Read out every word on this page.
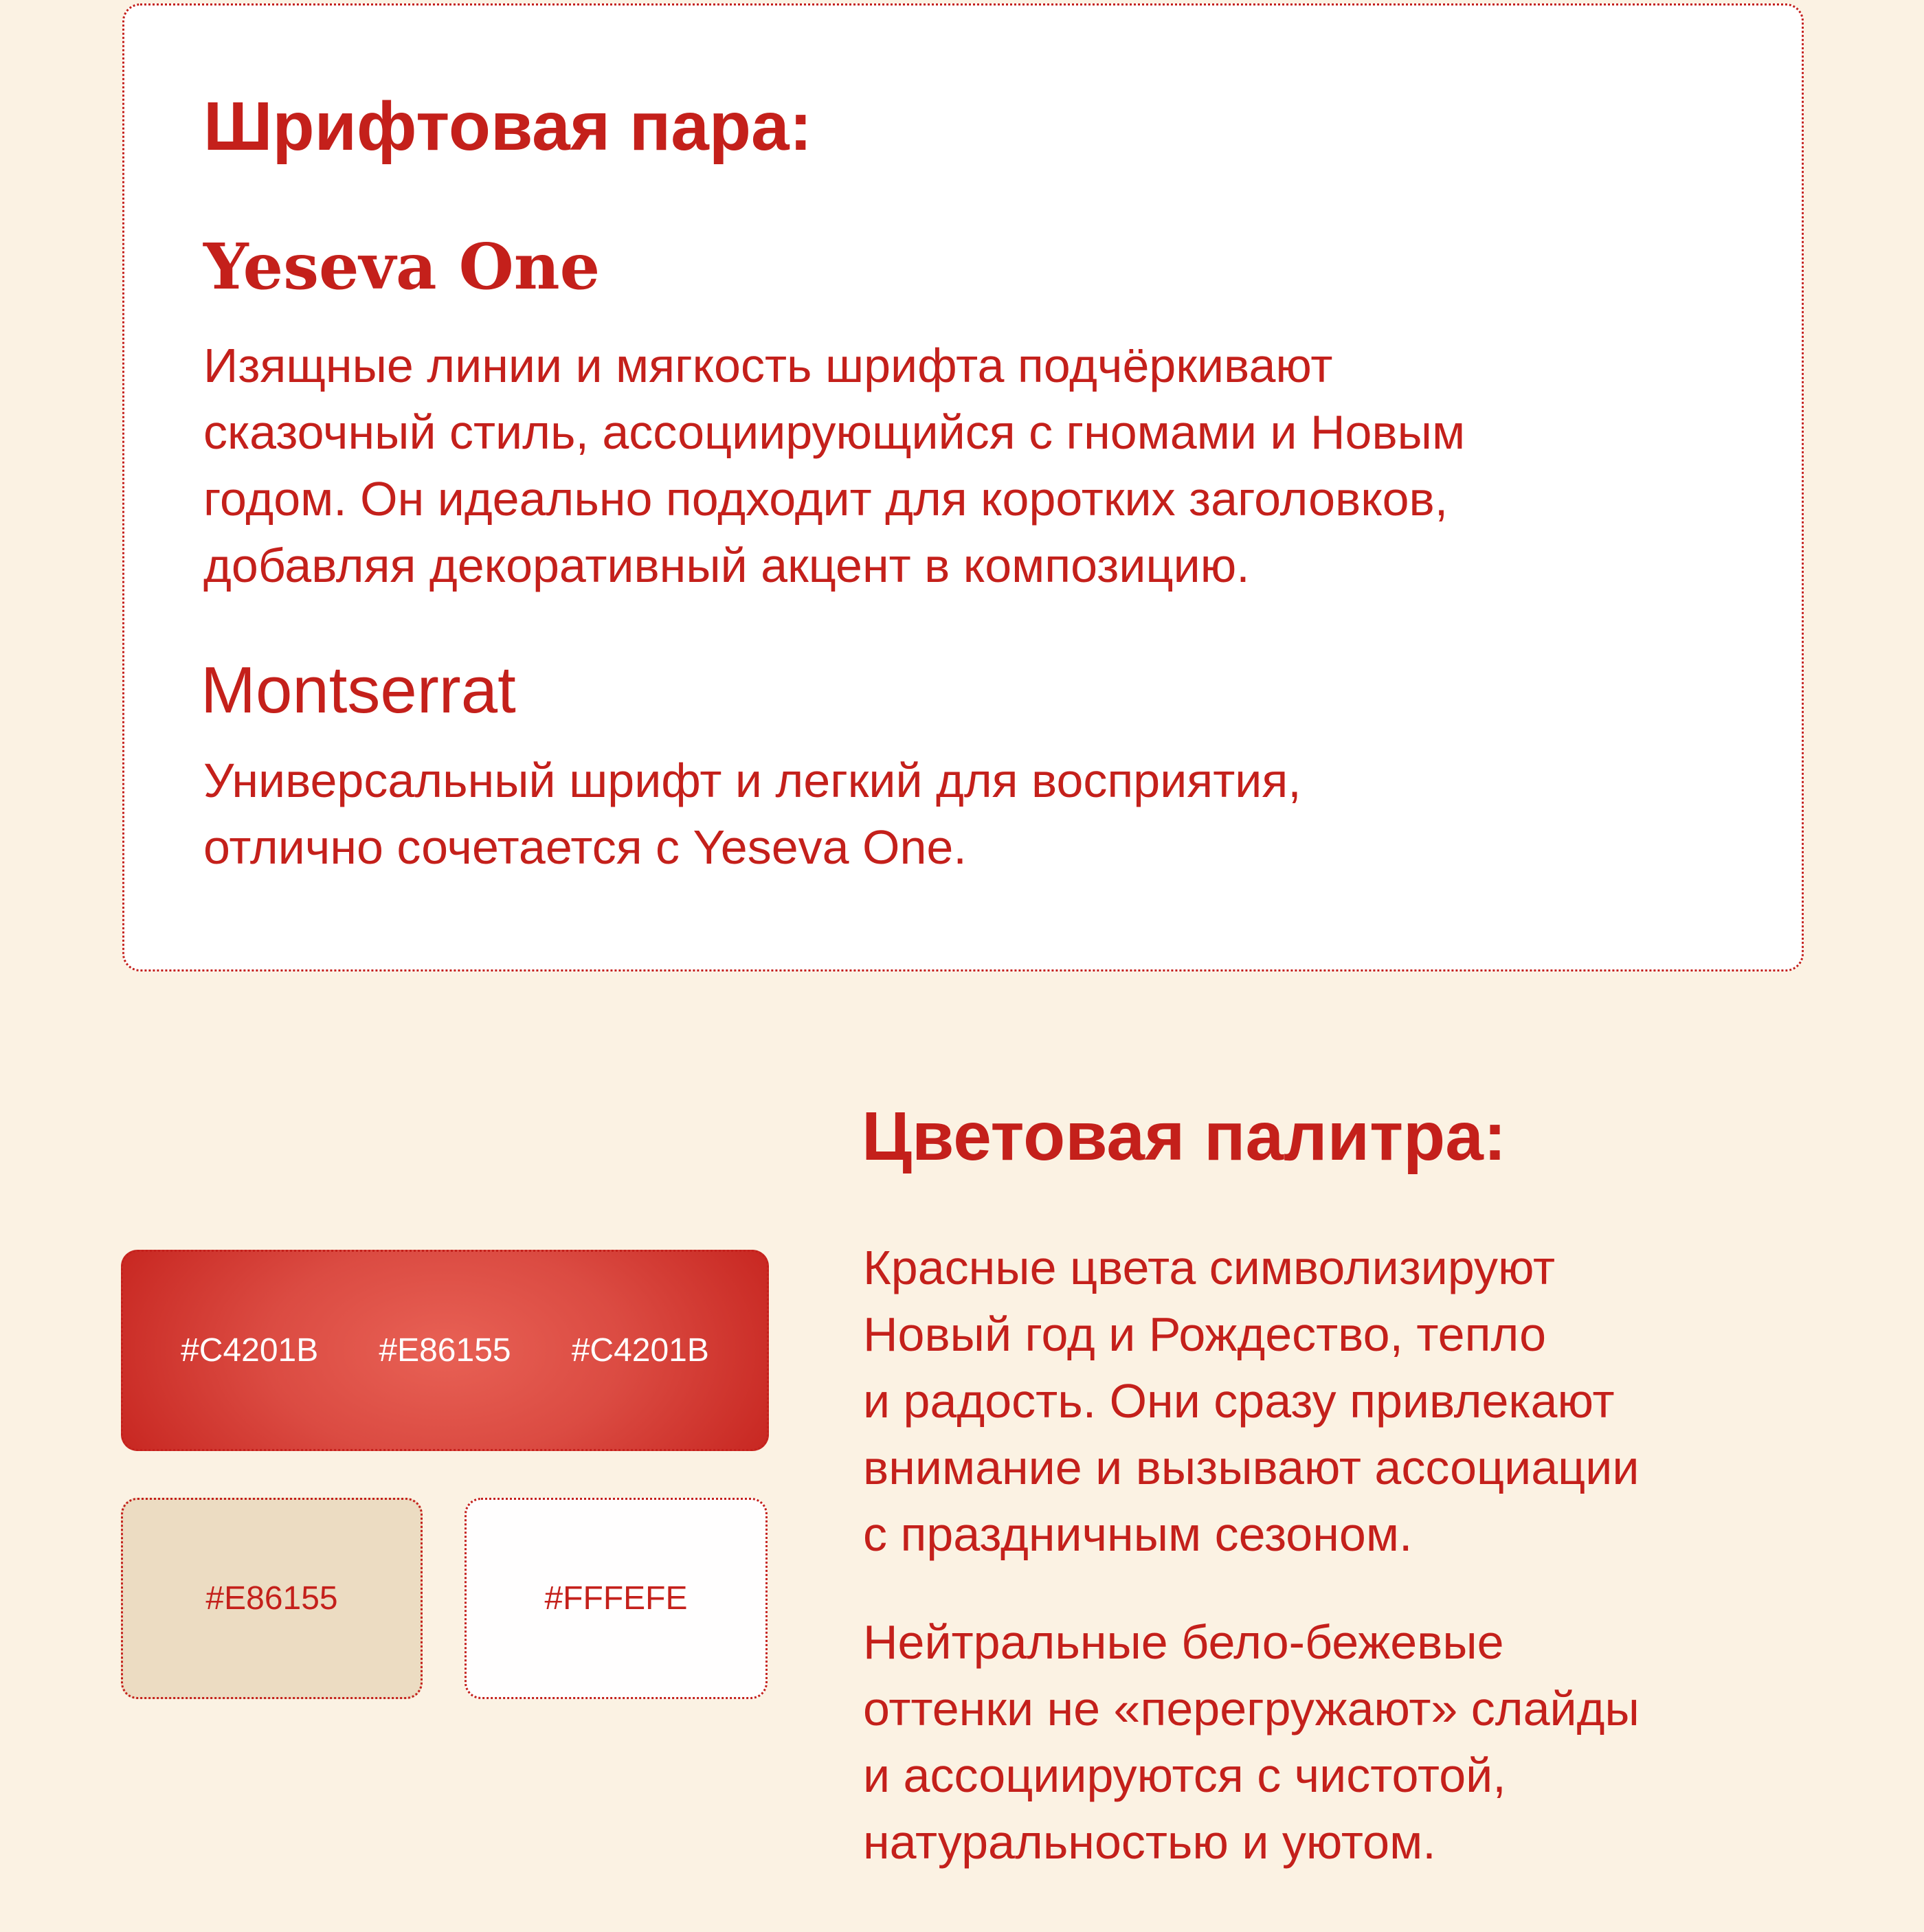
Шрифтовая пара:
Yeseva One
Изящные линии и мягкость шрифта подчёркивают
сказочный стиль, ассоциирующийся с гномами и Новым
годом. Он идеально подходит для коротких заголовков,
добавляя декоративный акцент в композицию.
Montserrat
Универсальный шрифт и легкий для восприятия,
отлично сочетается с Yeseva One.
Цветовая палитра:
#C4201B #E86155 #C4201B
#E86155	#FFFEFE
Красные цвета символизируют
Новый год и Рождество, тепло
и радость. Они сразу привлекают
внимание и вызывают ассоциации
с праздничным сезоном.
Нейтральные бело-бежевые
оттенки не «перегружают» слайды
и ассоциируются с чистотой,
натуральностью и уютом.
